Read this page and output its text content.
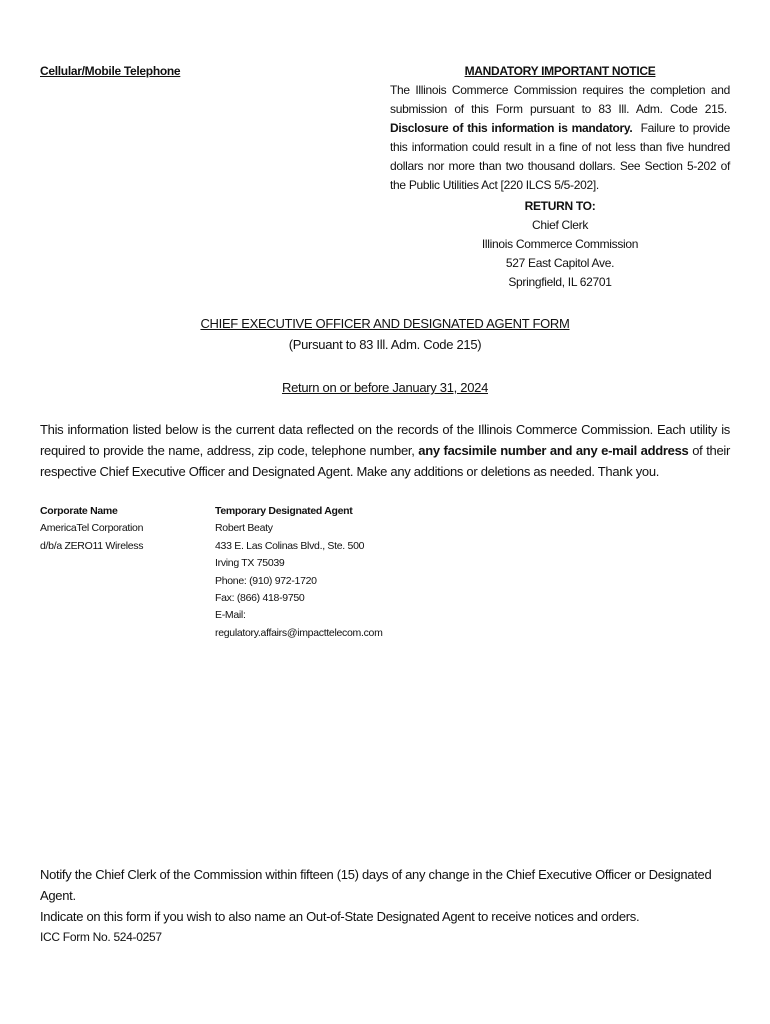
Cellular/Mobile Telephone	MANDATORY IMPORTANT NOTICE
The Illinois Commerce Commission requires the completion and submission of this Form pursuant to 83 Ill. Adm. Code 215.  Disclosure of this information is mandatory. Failure to provide this information could result in a fine of not less than five hundred dollars nor more than two thousand dollars. See Section 5-202 of the Public Utilities Act [220 ILCS 5/5-202].
RETURN TO:
Chief Clerk
Illinois Commerce Commission
527 East Capitol Ave.
Springfield, IL 62701
CHIEF EXECUTIVE OFFICER AND DESIGNATED AGENT FORM
(Pursuant to 83 Ill. Adm. Code 215)
Return on or before January 31, 2024
This information listed below is the current data reflected on the records of the Illinois Commerce Commission. Each utility is required to provide the name, address, zip code, telephone number, any facsimile number and any e-mail address of their respective Chief Executive Officer and Designated Agent. Make any additions or deletions as needed. Thank you.
Corporate Name
AmericaTel Corporation
d/b/a ZERO11 Wireless
Temporary Designated Agent
Robert Beaty
433 E. Las Colinas Blvd., Ste. 500
Irving TX 75039
Phone: (910) 972-1720
Fax: (866) 418-9750
E-Mail:
regulatory.affairs@impacttelecom.com
Notify the Chief Clerk of the Commission within fifteen (15) days of any change in the Chief Executive Officer or Designated Agent.
Indicate on this form if you wish to also name an Out-of-State Designated Agent to receive notices and orders.
ICC Form No. 524-0257
